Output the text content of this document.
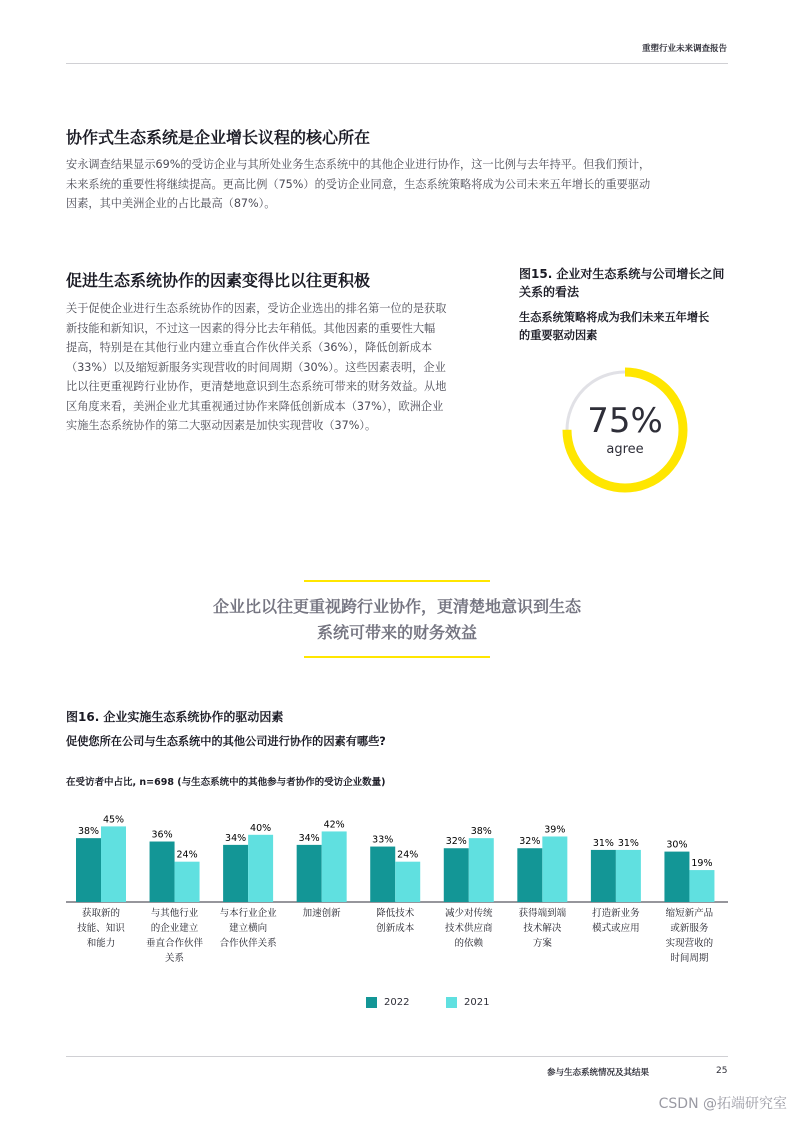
重塑行业未来调查报告
协作式生态系统是企业增长议程的核心所在

安永调查结果显示69%的受访企业与其所处业务生态系统中的其他企业进行协作，这一比例与去年持平。但我们预计，

未来系统的重要性将继续提高。更高比例（75%）的受访企业同意，生态系统策略将成为公司未来五年增长的重要驱动

因素，其中美洲企业的占比最高（87%）。

促进生态系统协作的因素变得比以往更积极

关于促使企业进行生态系统协作的因素，受访企业选出的排名第一位的是获取

新技能和新知识，不过这一因素的得分比去年稍低。其他因素的重要性大幅

提高，特别是在其他行业内建立垂直合作伙伴关系（36%），降低创新成本

（33%）以及缩短新服务实现营收的时间周期（30%）。这些因素表明，企业

比以往更重视跨行业协作，更清楚地意识到生态系统可带来的财务效益。从地

区角度来看，美洲企业尤其重视通过协作来降低创新成本（37%），欧洲企业

实施生态系统协作的第二大驱动因素是加快实现营收（37%）。

图15. 企业对生态系统与公司增长之间
关系的看法
生态系统策略将成为我们未来五年增长
的重要驱动因素
75%
agree
企业比以往更重视跨行业协作，更清楚地意识到生态
系统可带来的财务效益
图16. 企业实施生态系统协作的驱动因素
促使您所在公司与生态系统中的其他公司进行协作的因素有哪些?
在受访者中占比, n=698 (与生态系统中的其他参与者协作的受访企业数量)
38%
45%
36%
24%
34%
40%
34%
42%
33%
24%
32%
38%
32%
39%
31% 31%	30%
19%
获取新的
技能、知识
和能力
与其他行业
的企业建立
垂直合作伙伴
关系
与本行业企业
建立横向
合作伙伴关系
加速创新	降低技术
创新成本
减少对传统
技术供应商
的依赖
获得端到端
技术解决
方案
打造新业务
模式或应用
缩短新产品
或新服务
实现营收的
时间周期
2022	2021
参与生态系统情况及其结果	25
CSDN @拓端研究室
